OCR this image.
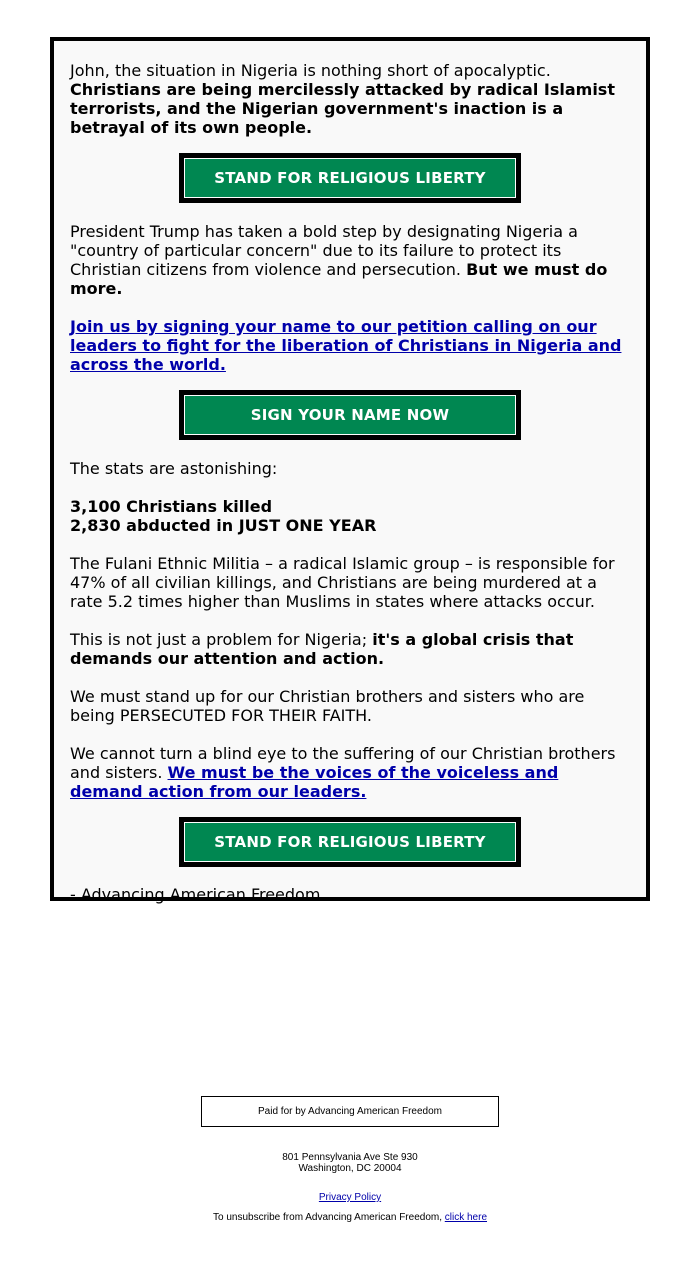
John, the situation in Nigeria is nothing short of apocalyptic. Christians are being mercilessly attacked by radical Islamist terrorists, and the Nigerian government's inaction is a betrayal of its own people.

STAND FOR RELIGIOUS LIBERTY

President Trump has taken a bold step by designating Nigeria a "country of particular concern" due to its failure to protect its Christian citizens from violence and persecution. But we must do more.

Join us by signing your name to our petition calling on our leaders to fight for the liberation of Christians in Nigeria and across the world.

SIGN YOUR NAME NOW

The stats are astonishing:

3,100 Christians killed
2,830 abducted in JUST ONE YEAR

The Fulani Ethnic Militia – a radical Islamic group – is responsible for 47% of all civilian killings, and Christians are being murdered at a rate 5.2 times higher than Muslims in states where attacks occur.

This is not just a problem for Nigeria; it's a global crisis that demands our attention and action.

We must stand up for our Christian brothers and sisters who are being PERSECUTED FOR THEIR FAITH.

We cannot turn a blind eye to the suffering of our Christian brothers and sisters. We must be the voices of the voiceless and demand action from our leaders.

STAND FOR RELIGIOUS LIBERTY

- Advancing American Freedom

Paid for by Advancing American Freedom
801 Pennsylvania Ave Ste 930
Washington, DC 20004
Privacy Policy
To unsubscribe from Advancing American Freedom, click here
